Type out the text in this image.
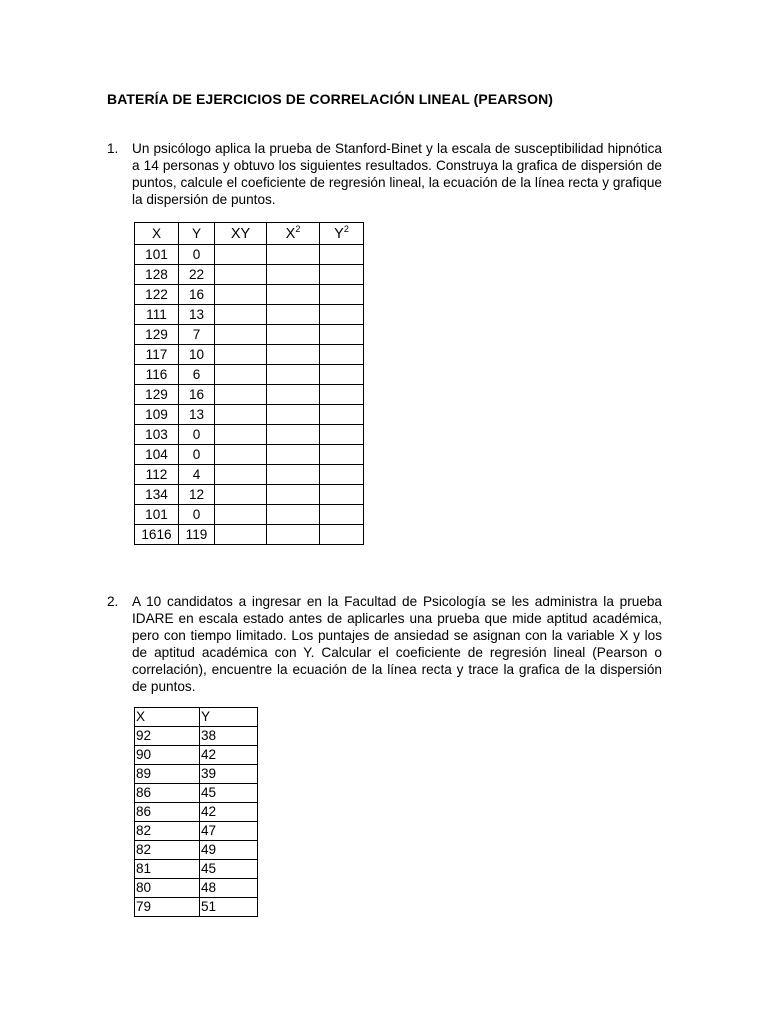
BATERÍA DE EJERCICIOS DE CORRELACIÓN LINEAL (PEARSON)
1. Un psicólogo aplica la prueba de Stanford-Binet y la escala de susceptibilidad hipnótica a 14 personas y obtuvo los siguientes resultados. Construya la grafica de dispersión de puntos, calcule el coeficiente de regresión lineal, la ecuación de la línea recta y grafique la dispersión de puntos.
X	Y	XY	$X^2$	$Y^2$
101	0			
128	22			
122	16			
111	13			
129	7			
117	10			
116	6			
129	16			
109	13			
103	0			
104	0			
112	4			
134	12			
101	0			
1616	119			
2. A 10 candidatos a ingresar en la Facultad de Psicología se les administra la prueba IDARE en escala estado antes de aplicarles una prueba que mide aptitud académica, pero con tiempo limitado. Los puntajes de ansiedad se asignan con la variable X y los de aptitud académica con Y. Calcular el coeficiente de regresión lineal (Pearson o correlación), encuentre la ecuación de la línea recta y trace la grafica de la dispersión de puntos.
X	Y
92	38
90	42
89	39
86	45
86	42
82	47
82	49
81	45
80	48
79	51
